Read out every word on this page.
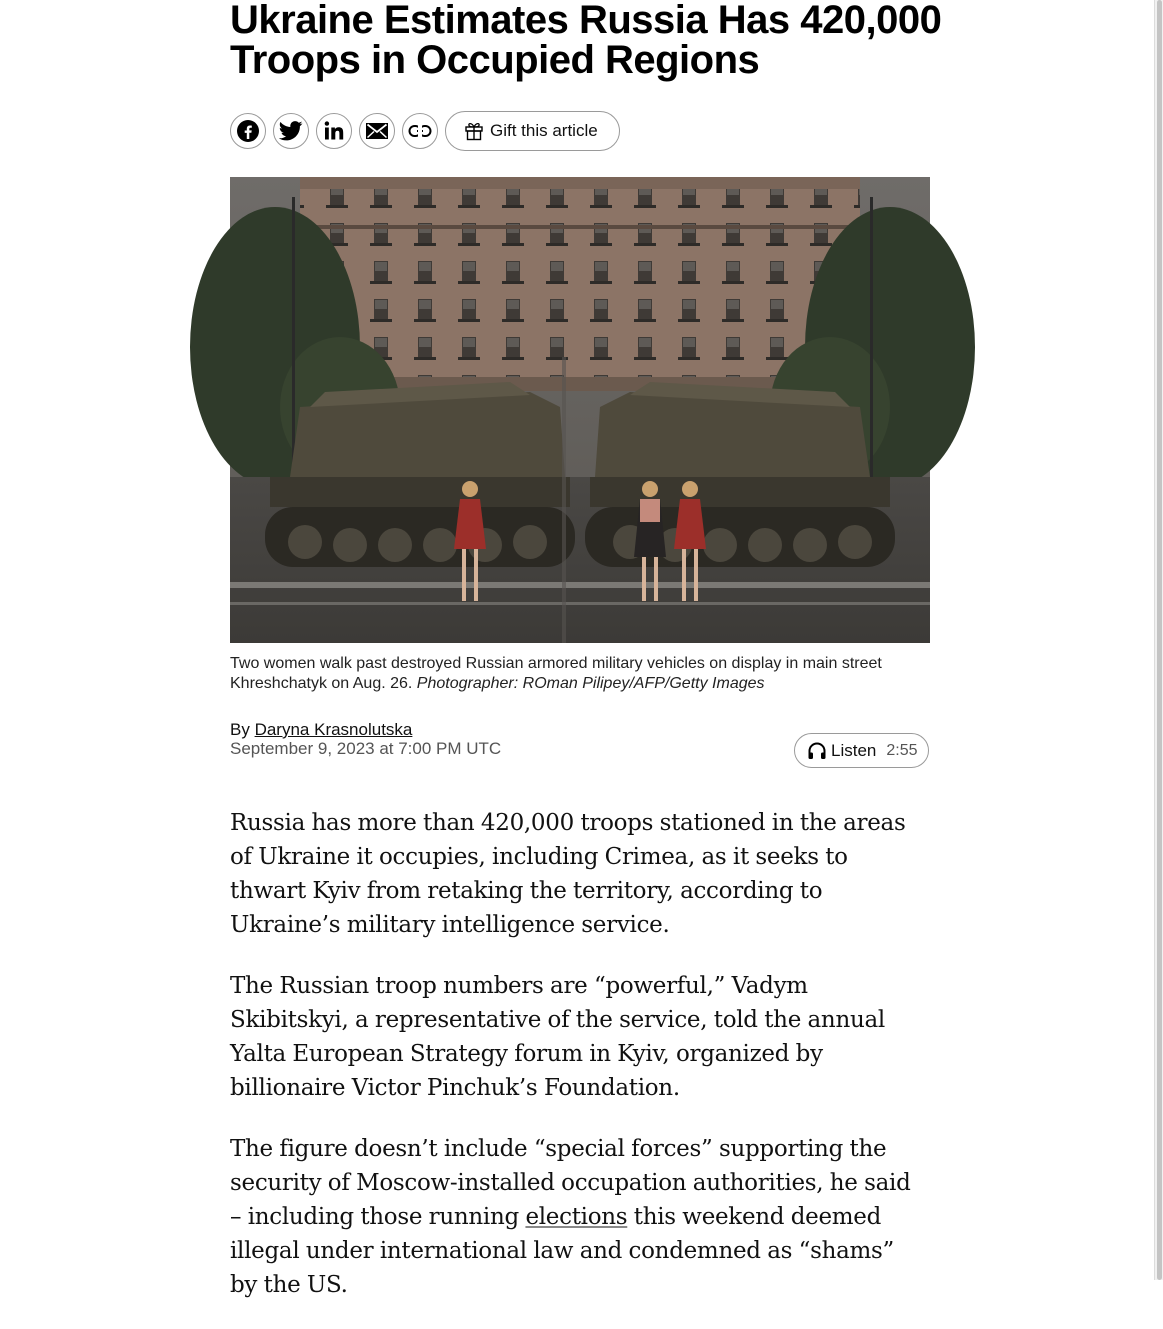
Ukraine Estimates Russia Has 420,000 Troops in Occupied Regions
Gift this article
Two women walk past destroyed Russian armored military vehicles on display in main street Khreshchatyk on Aug. 26. Photographer: ROman Pilipey/AFP/Getty Images
By Daryna Krasnolutska
September 9, 2023 at 7:00 PM UTC	Listen 2:55

Russia has more than 420,000 troops stationed in the areas of Ukraine it occupies, including Crimea, as it seeks to thwart Kyiv from retaking the territory, according to Ukraine’s military intelligence service.

The Russian troop numbers are “powerful,” Vadym Skibitskyi, a representative of the service, told the annual Yalta European Strategy forum in Kyiv, organized by billionaire Victor Pinchuk’s Foundation.

The figure doesn’t include “special forces” supporting the security of Moscow-installed occupation authorities, he said – including those running elections this weekend deemed illegal under international law and condemned as “shams” by the US.
